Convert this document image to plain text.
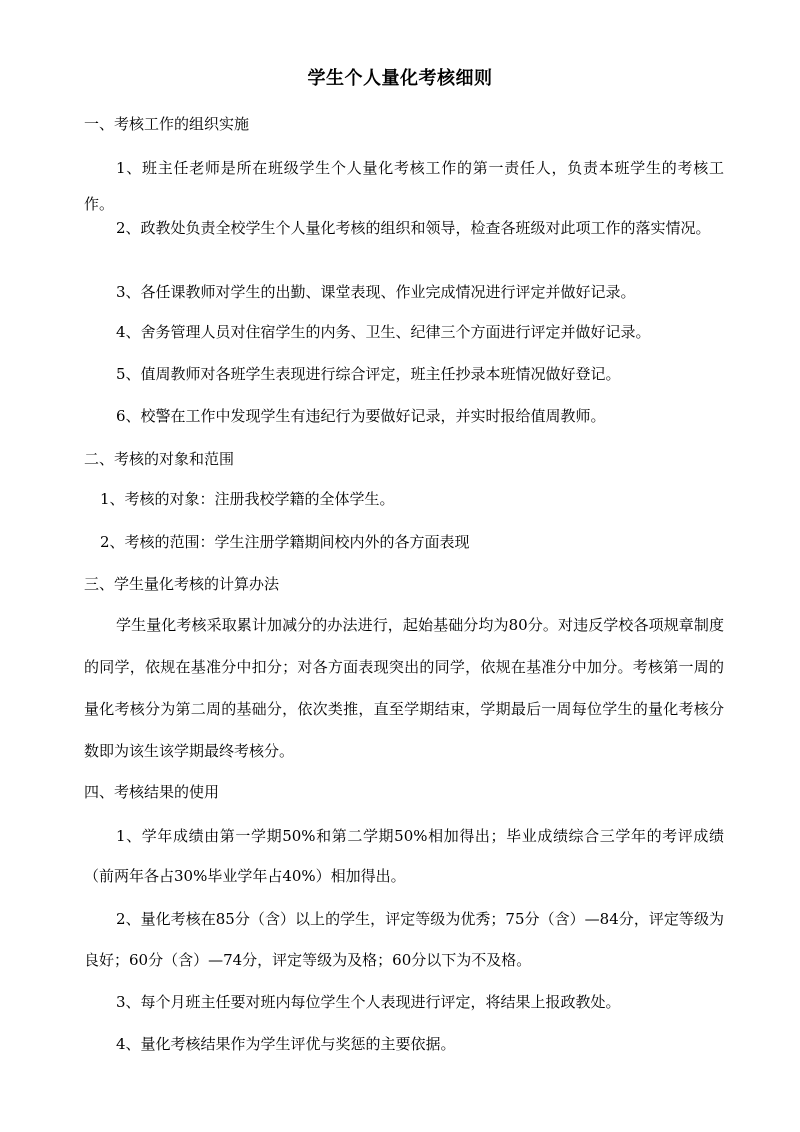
学生个人量化考核细则
一、考核工作的组织实施
1、班主任老师是所在班级学生个人量化考核工作的第一责任人，负责本班学生的考核工作。
2、政教处负责全校学生个人量化考核的组织和领导，检查各班级对此项工作的落实情况。
3、各任课教师对学生的出勤、课堂表现、作业完成情况进行评定并做好记录。
4、舍务管理人员对住宿学生的内务、卫生、纪律三个方面进行评定并做好记录。
5、值周教师对各班学生表现进行综合评定，班主任抄录本班情况做好登记。
6、校警在工作中发现学生有违纪行为要做好记录，并实时报给值周教师。
二、考核的对象和范围
1、考核的对象：注册我校学籍的全体学生。
2、考核的范围：学生注册学籍期间校内外的各方面表现
三、学生量化考核的计算办法
学生量化考核采取累计加减分的办法进行，起始基础分均为80分。对违反学校各项规章制度的同学，依规在基准分中扣分；对各方面表现突出的同学，依规在基准分中加分。考核第一周的量化考核分为第二周的基础分，依次类推，直至学期结束，学期最后一周每位学生的量化考核分数即为该生该学期最终考核分。
四、考核结果的使用
1、学年成绩由第一学期50%和第二学期50%相加得出；毕业成绩综合三学年的考评成绩（前两年各占30%毕业学年占40%）相加得出。
2、量化考核在85分（含）以上的学生，评定等级为优秀；75分（含）—84分，评定等级为良好；60分（含）—74分，评定等级为及格；60分以下为不及格。
3、每个月班主任要对班内每位学生个人表现进行评定，将结果上报政教处。
4、量化考核结果作为学生评优与奖惩的主要依据。
